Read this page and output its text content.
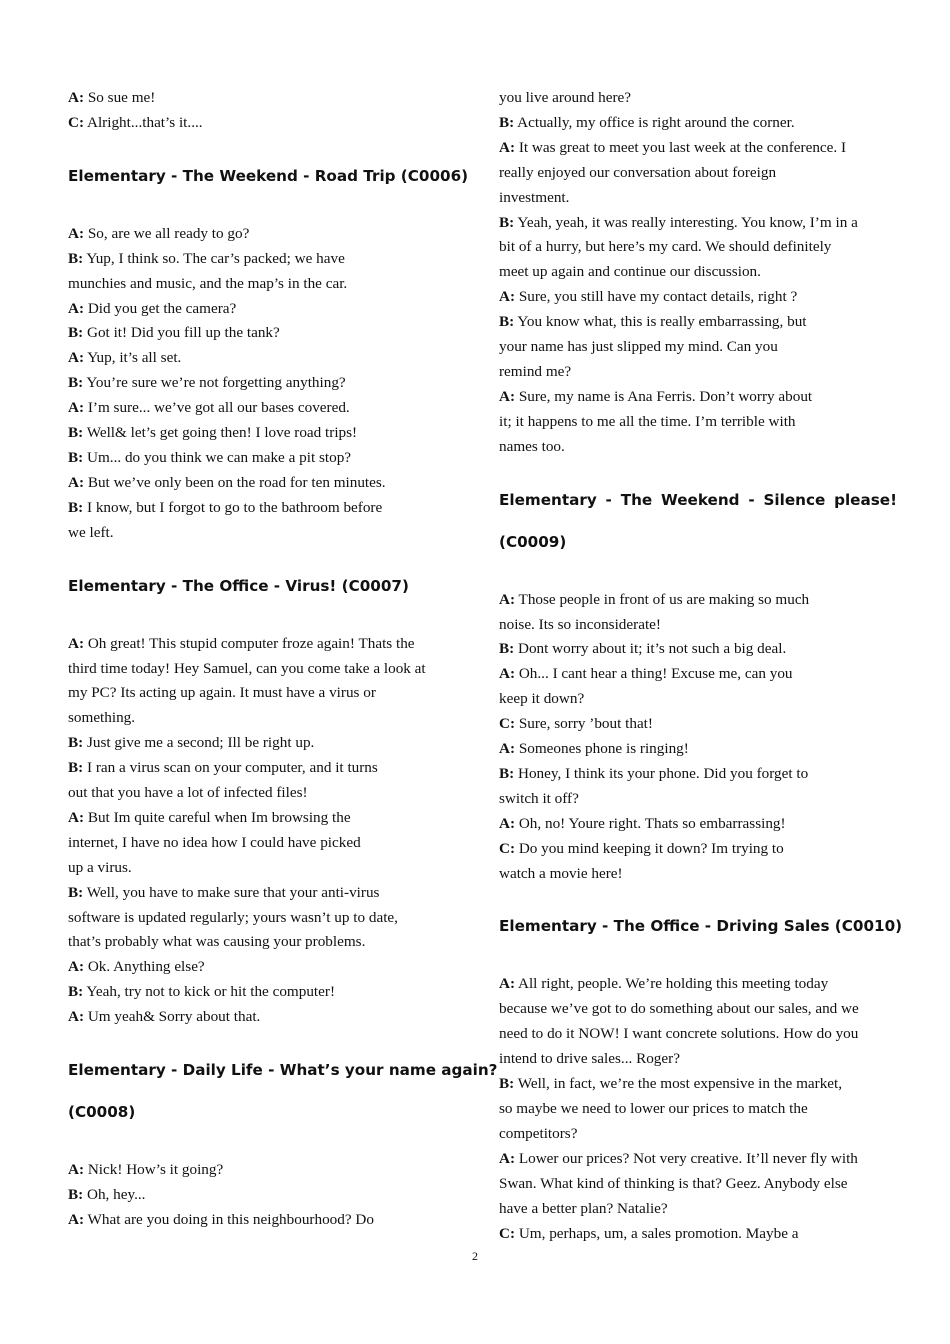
A: So sue me!
C: Alright...that’s it....
Elementary - The Weekend - Road Trip (C0006)
A: So, are we all ready to go?
B: Yup, I think so. The car’s packed; we have
munchies and music, and the map’s in the car.
A: Did you get the camera?
B: Got it! Did you fill up the tank?
A: Yup, it’s all set.
B: You’re sure we’re not forgetting anything?
A: I’m sure... we’ve got all our bases covered.
B: Well& let’s get going then! I love road trips!
B: Um... do you think we can make a pit stop?
A: But we’ve only been on the road for ten minutes.
B: I know, but I forgot to go to the bathroom before
we left.
Elementary - The Office - Virus! (C0007)
A: Oh great! This stupid computer froze again! Thats the
third time today! Hey Samuel, can you come take a look at
my PC? Its acting up again. It must have a virus or
something.
B: Just give me a second; Ill be right up.
B: I ran a virus scan on your computer, and it turns
out that you have a lot of infected files!
A: But Im quite careful when Im browsing the
internet, I have no idea how I could have picked
up a virus.
B: Well, you have to make sure that your anti-virus
software is updated regularly; yours wasn’t up to date,
that’s probably what was causing your problems.
A: Ok. Anything else?
B: Yeah, try not to kick or hit the computer!
A: Um yeah& Sorry about that.
Elementary - Daily Life - What’s your name again?
(C0008)
A: Nick! How’s it going?
B: Oh, hey...
A: What are you doing in this neighbourhood? Do
you live around here?
B: Actually, my office is right around the corner.
A: It was great to meet you last week at the conference. I
really enjoyed our conversation about foreign
investment.
B: Yeah, yeah, it was really interesting. You know, I’m in a
bit of a hurry, but here’s my card. We should definitely
meet up again and continue our discussion.
A: Sure, you still have my contact details, right ?
B: You know what, this is really embarrassing, but
your name has just slipped my mind. Can you
remind me?
A: Sure, my name is Ana Ferris. Don’t worry about
it; it happens to me all the time. I’m terrible with
names too.
Elementary - The Weekend - Silence please!
(C0009)
A: Those people in front of us are making so much
noise. Its so inconsiderate!
B: Dont worry about it; it’s not such a big deal.
A: Oh... I cant hear a thing! Excuse me, can you
keep it down?
C: Sure, sorry ’bout that!
A: Someones phone is ringing!
B: Honey, I think its your phone. Did you forget to
switch it off?
A: Oh, no! Youre right. Thats so embarrassing!
C: Do you mind keeping it down? Im trying to
watch a movie here!
Elementary - The Office - Driving Sales (C0010)
A: All right, people. We’re holding this meeting today
because we’ve got to do something about our sales, and we
need to do it NOW! I want concrete solutions. How do you
intend to drive sales... Roger?
B: Well, in fact, we’re the most expensive in the market,
so maybe we need to lower our prices to match the
competitors?
A: Lower our prices? Not very creative. It’ll never fly with
Swan. What kind of thinking is that? Geez. Anybody else
have a better plan? Natalie?
C: Um, perhaps, um, a sales promotion. Maybe a
2
